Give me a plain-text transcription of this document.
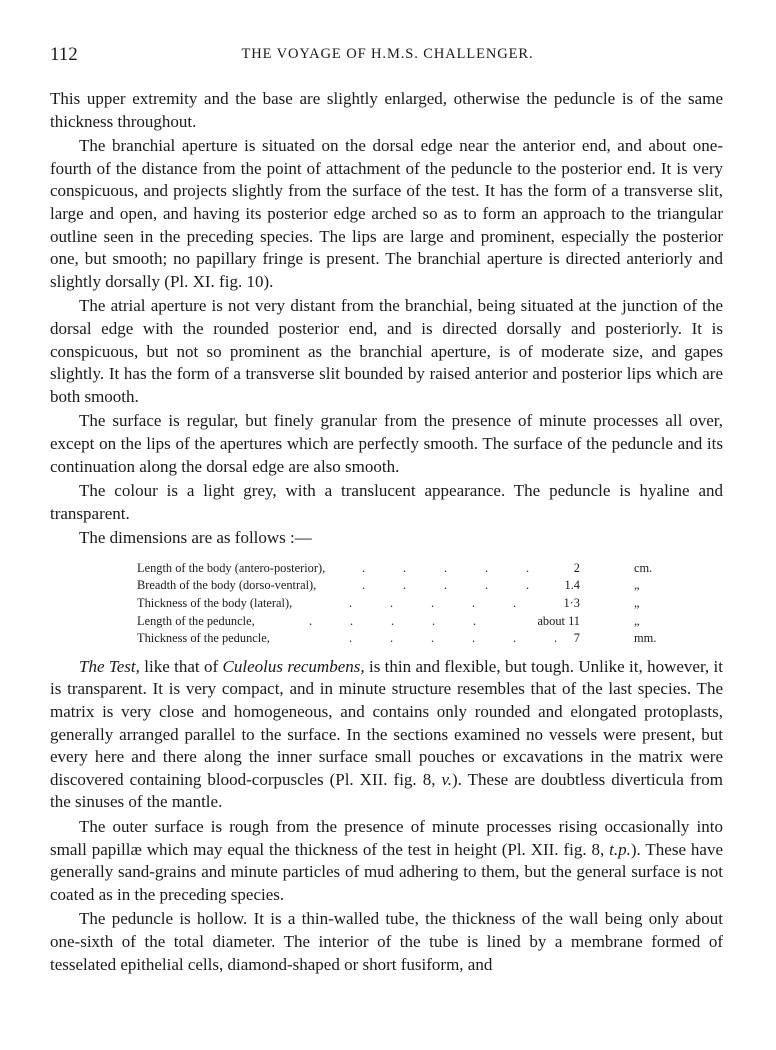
112	THE VOYAGE OF H.M.S. CHALLENGER.

This upper extremity and the base are slightly enlarged, otherwise the peduncle is of the same thickness throughout.

The branchial aperture is situated on the dorsal edge near the anterior end, and about one-fourth of the distance from the point of attachment of the peduncle to the posterior end. It is very conspicuous, and projects slightly from the surface of the test. It has the form of a transverse slit, large and open, and having its posterior edge arched so as to form an approach to the triangular outline seen in the preceding species. The lips are large and prominent, especially the posterior one, but smooth; no papillary fringe is present. The branchial aperture is directed anteriorly and slightly dorsally (Pl. XI. fig. 10).

The atrial aperture is not very distant from the branchial, being situated at the junction of the dorsal edge with the rounded posterior end, and is directed dorsally and posteriorly. It is conspicuous, but not so prominent as the branchial aperture, is of moderate size, and gapes slightly. It has the form of a transverse slit bounded by raised anterior and posterior lips which are both smooth.

The surface is regular, but finely granular from the presence of minute processes all over, except on the lips of the apertures which are perfectly smooth. The surface of the peduncle and its continuation along the dorsal edge are also smooth.

The colour is a light grey, with a translucent appearance. The peduncle is hyaline and transparent.

The dimensions are as follows :—

Length of the body (antero-posterior),	.	.	.	.	.	2	cm.
Breadth of the body (dorso-ventral),	.	.	.	.	.	1.4	„
Thickness of the body (lateral),	.	.	.	.	.	1·3	„
Length of the peduncle,	.	.	.	.	.	about 11	„
Thickness of the peduncle,	.	.	.	.	.	.	7	mm.

The Test, like that of Culeolus recumbens, is thin and flexible, but tough. Unlike it, however, it is transparent. It is very compact, and in minute structure resembles that of the last species. The matrix is very close and homogeneous, and contains only rounded and elongated protoplasts, generally arranged parallel to the surface. In the sections examined no vessels were present, but every here and there along the inner surface small pouches or excavations in the matrix were discovered containing blood-corpuscles (Pl. XII. fig. 8, v.). These are doubtless diverticula from the sinuses of the mantle.

The outer surface is rough from the presence of minute processes rising occasionally into small papillæ which may equal the thickness of the test in height (Pl. XII. fig. 8, t.p.). These have generally sand-grains and minute particles of mud adhering to them, but the general surface is not coated as in the preceding species.

The peduncle is hollow. It is a thin-walled tube, the thickness of the wall being only about one-sixth of the total diameter. The interior of the tube is lined by a membrane formed of tesselated epithelial cells, diamond-shaped or short fusiform, and
